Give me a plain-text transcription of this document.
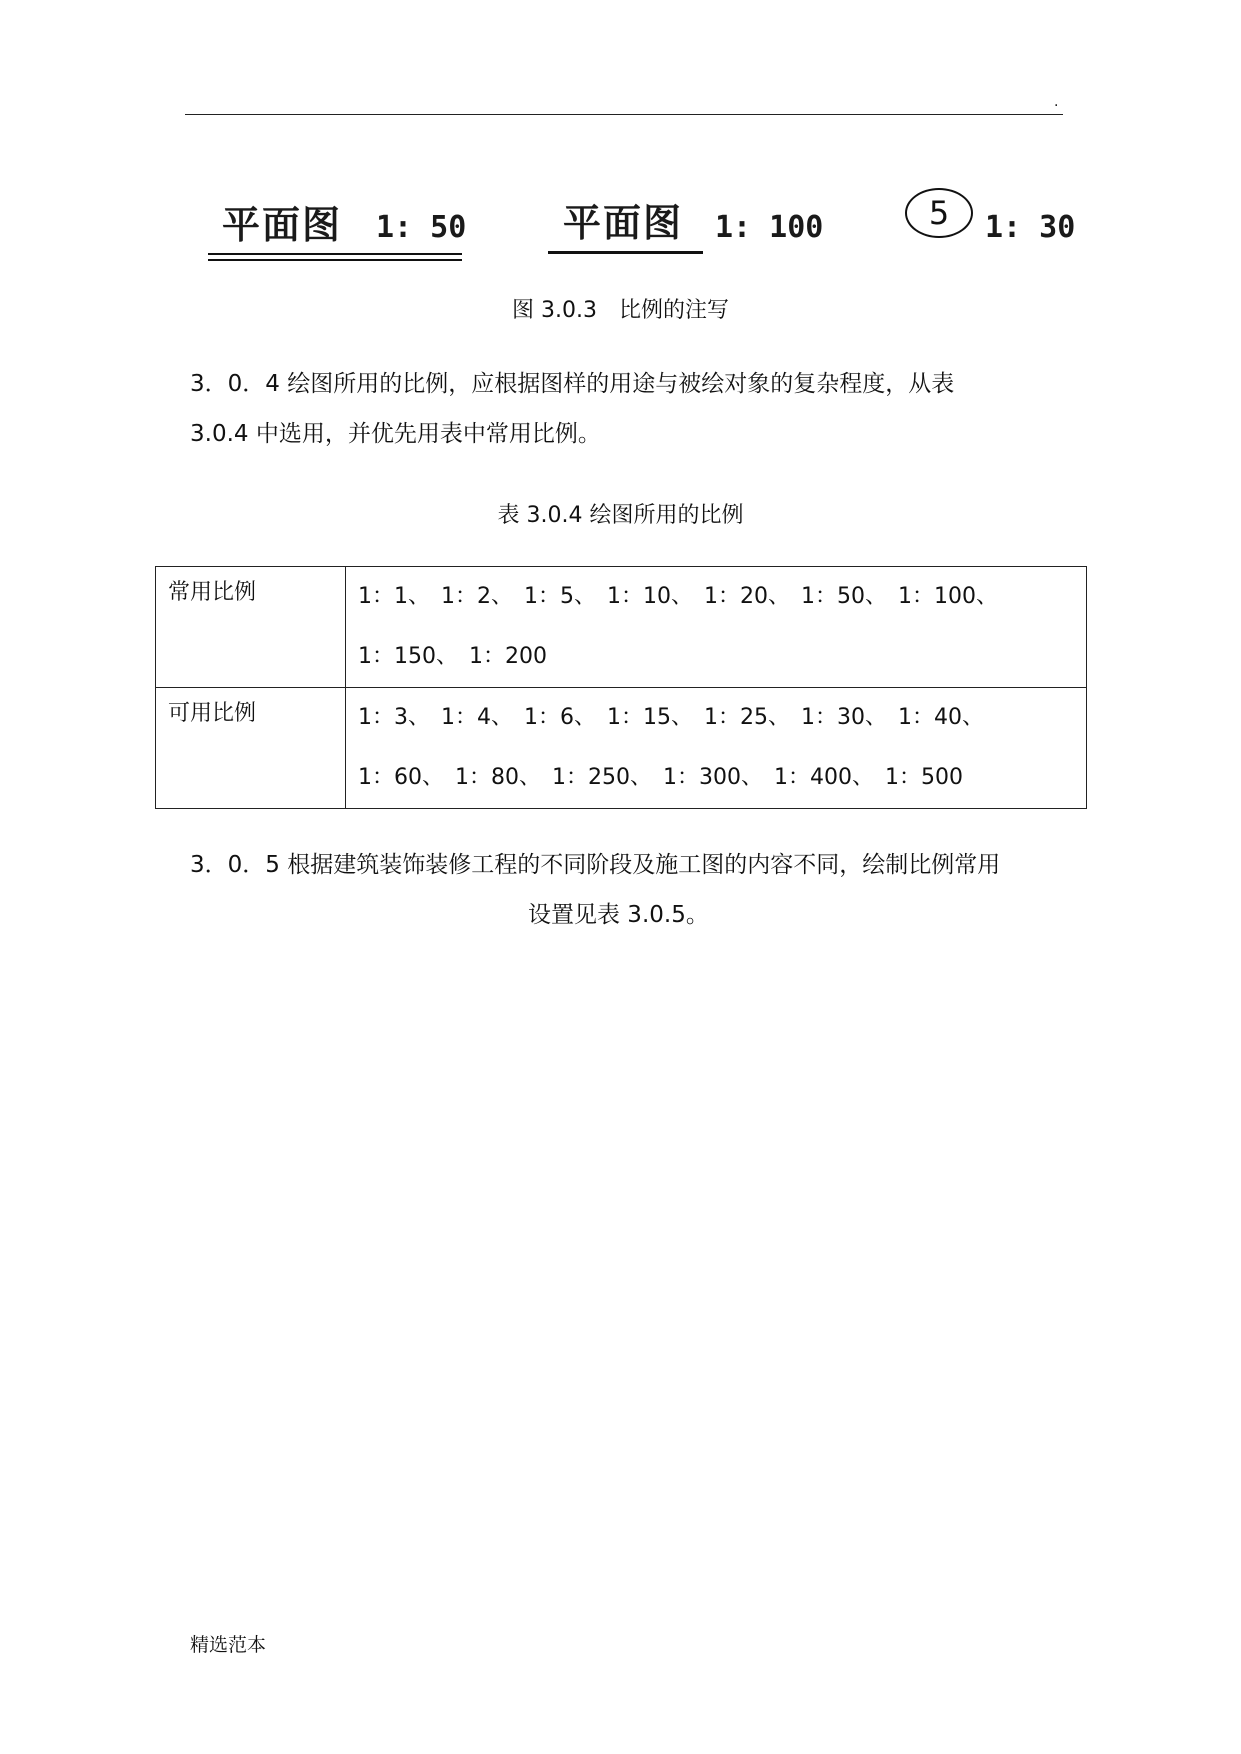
.
平面图 1: 50	平面图 1: 100	5 1: 30
图 3.0.3　比例的注写
3．0．4 绘图所用的比例，应根据图样的用途与被绘对象的复杂程度，从表
3.0.4 中选用，并优先用表中常用比例。
表 3.0.4 绘图所用的比例
常用比例	1：1、　1：2、　1：5、　1：10、　1：20、　1：50、　1：100、
1：150、　1：200

可用比例	1：3、　1：4、　1：6、　1：15、　1：25、　1：30、　1：40、
1：60、　1：80、　1：250、　1：300、　1：400、　1：500
3．0．5 根据建筑装饰装修工程的不同阶段及施工图的内容不同，绘制比例常用
设置见表 3.0.5。
精选范本
